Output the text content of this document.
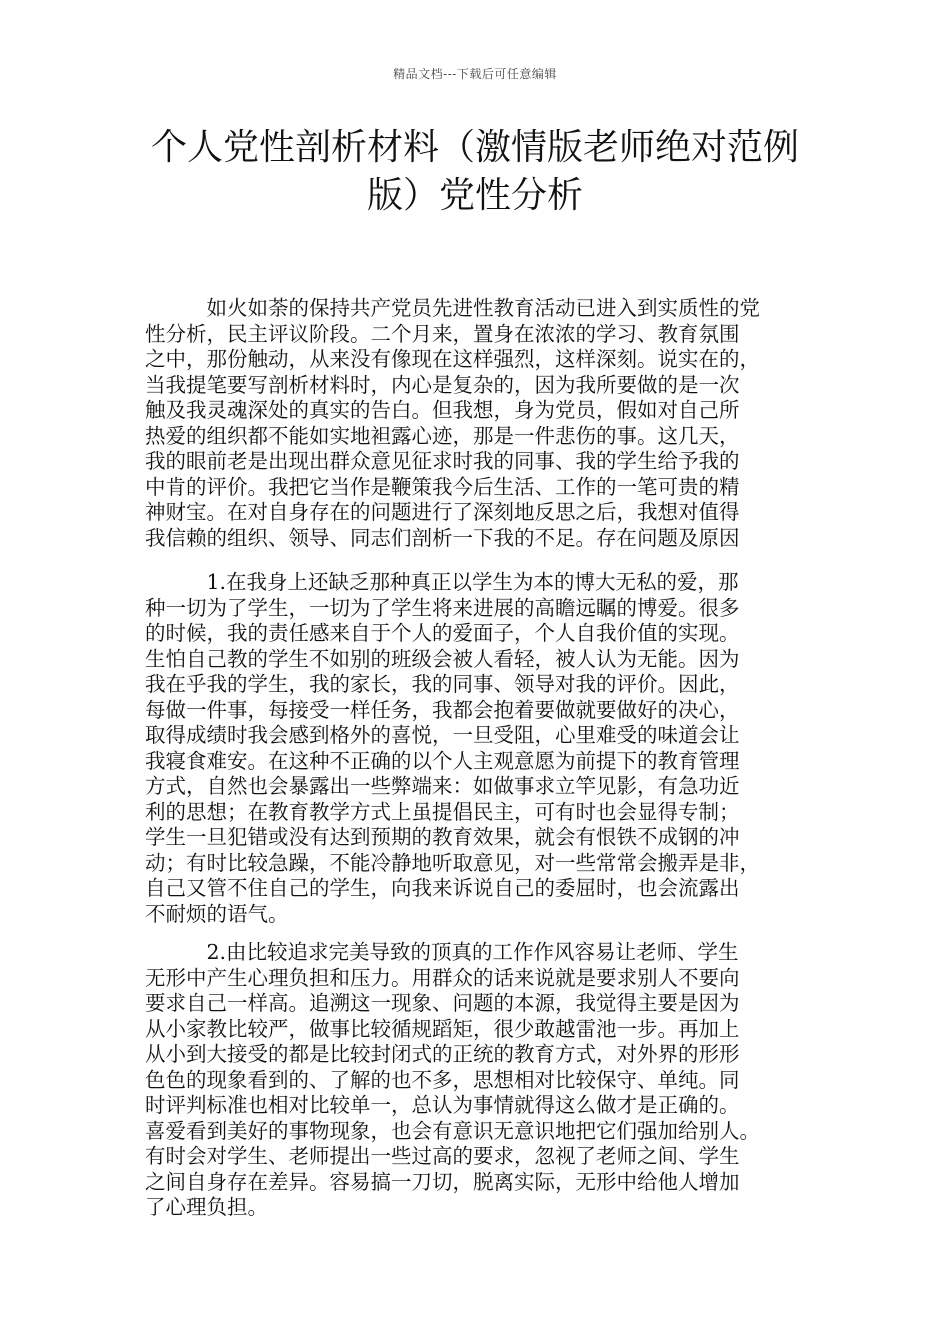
精品文档---下载后可任意编辑
个人党性剖析材料（激情版老师绝对范例
版）党性分析
　　　如火如荼的保持共产党员先进性教育活动已进入到实质性的党
性分析，民主评议阶段。二个月来，置身在浓浓的学习、教育氛围
之中，那份触动，从来没有像现在这样强烈，这样深刻。说实在的，
当我提笔要写剖析材料时，内心是复杂的，因为我所要做的是一次
触及我灵魂深处的真实的告白。但我想，身为党员，假如对自己所
热爱的组织都不能如实地袒露心迹，那是一件悲伤的事。这几天，
我的眼前老是出现出群众意见征求时我的同事、我的学生给予我的
中肯的评价。我把它当作是鞭策我今后生活、工作的一笔可贵的精
神财宝。在对自身存在的问题进行了深刻地反思之后，我想对值得
我信赖的组织、领导、同志们剖析一下我的不足。存在问题及原因
　　　1.在我身上还缺乏那种真正以学生为本的博大无私的爱，那
种一切为了学生，一切为了学生将来进展的高瞻远瞩的博爱。很多
的时候，我的责任感来自于个人的爱面子，个人自我价值的实现。
生怕自己教的学生不如别的班级会被人看轻，被人认为无能。因为
我在乎我的学生，我的家长，我的同事、领导对我的评价。因此，
每做一件事，每接受一样任务，我都会抱着要做就要做好的决心，
取得成绩时我会感到格外的喜悦，一旦受阻，心里难受的味道会让
我寝食难安。在这种不正确的以个人主观意愿为前提下的教育管理
方式，自然也会暴露出一些弊端来：如做事求立竿见影，有急功近
利的思想；在教育教学方式上虽提倡民主，可有时也会显得专制；
学生一旦犯错或没有达到预期的教育效果，就会有恨铁不成钢的冲
动；有时比较急躁，不能冷静地听取意见，对一些常常会搬弄是非，
自己又管不住自己的学生，向我来诉说自己的委屈时，也会流露出
不耐烦的语气。
　　　2.由比较追求完美导致的顶真的工作作风容易让老师、学生
无形中产生心理负担和压力。用群众的话来说就是要求别人不要向
要求自己一样高。追溯这一现象、问题的本源，我觉得主要是因为
从小家教比较严，做事比较循规蹈矩，很少敢越雷池一步。再加上
从小到大接受的都是比较封闭式的正统的教育方式，对外界的形形
色色的现象看到的、了解的也不多，思想相对比较保守、单纯。同
时评判标准也相对比较单一，总认为事情就得这么做才是正确的。
喜爱看到美好的事物现象，也会有意识无意识地把它们强加给别人。
有时会对学生、老师提出一些过高的要求，忽视了老师之间、学生
之间自身存在差异。容易搞一刀切，脱离实际，无形中给他人增加
了心理负担。
